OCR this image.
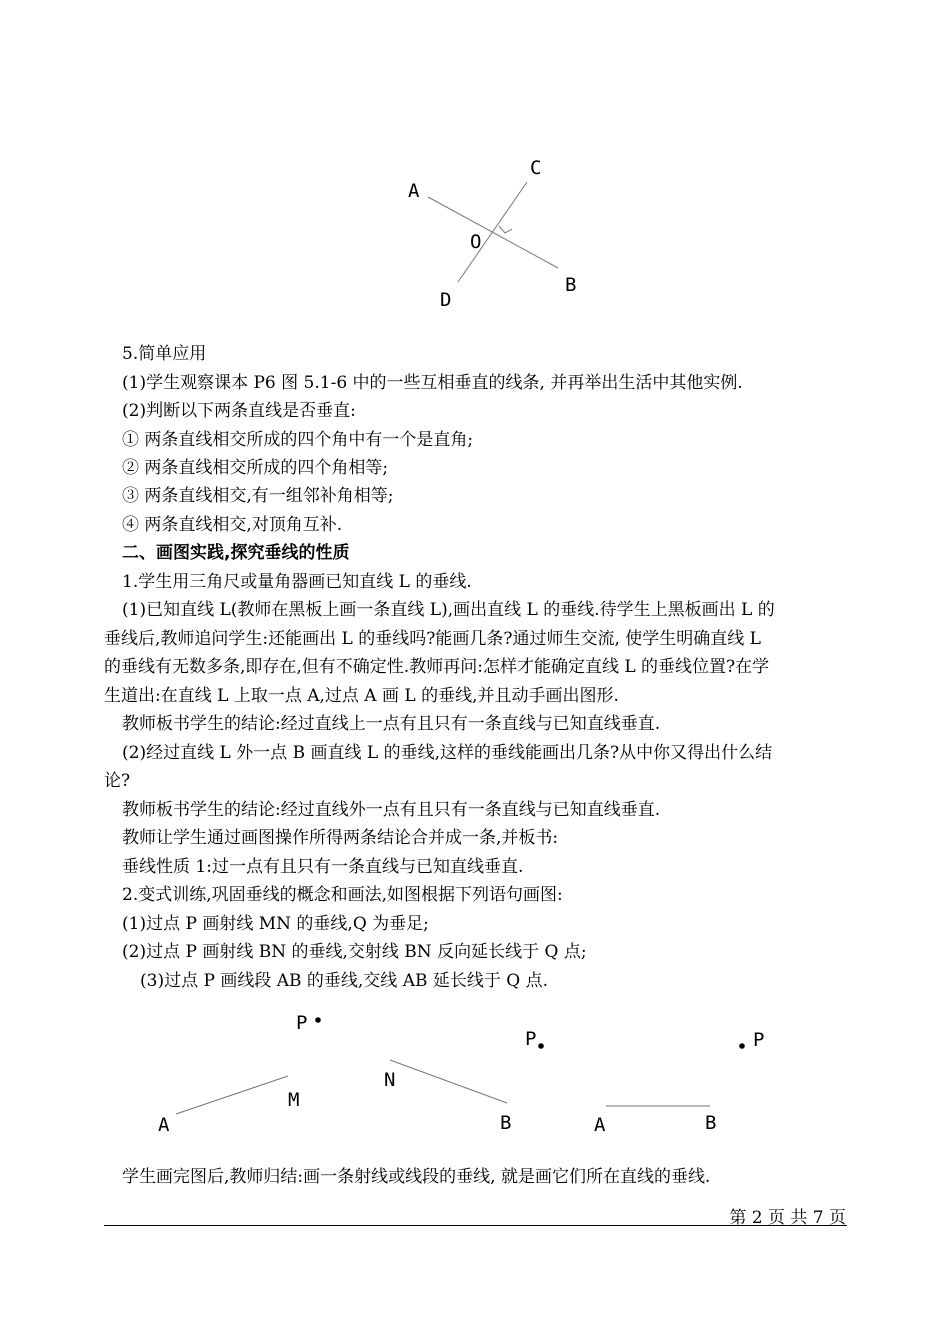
A
C
O
B
D
5.简单应用
(1)学生观察课本 P6 图 5.1-6 中的一些互相垂直的线条, 并再举出生活中其他实例.
(2)判断以下两条直线是否垂直:
① 两条直线相交所成的四个角中有一个是直角;
② 两条直线相交所成的四个角相等;
③ 两条直线相交,有一组邻补角相等;
④ 两条直线相交,对顶角互补.
二、画图实践,探究垂线的性质
1.学生用三角尺或量角器画已知直线 L 的垂线.
(1)已知直线 L(教师在黑板上画一条直线 L),画出直线 L 的垂线.待学生上黑板画出 L 的
垂线后,教师追问学生:还能画出 L 的垂线吗?能画几条?通过师生交流, 使学生明确直线 L
的垂线有无数多条,即存在,但有不确定性.教师再问:怎样才能确定直线 L 的垂线位置?在学
生道出:在直线 L 上取一点 A,过点 A 画 L 的垂线,并且动手画出图形.
教师板书学生的结论:经过直线上一点有且只有一条直线与已知直线垂直.
(2)经过直线 L 外一点 B 画直线 L 的垂线,这样的垂线能画出几条?从中你又得出什么结
论?
教师板书学生的结论:经过直线外一点有且只有一条直线与已知直线垂直.
教师让学生通过画图操作所得两条结论合并成一条,并板书:
垂线性质 1:过一点有且只有一条直线与已知直线垂直.
2.变式训练,巩固垂线的概念和画法,如图根据下列语句画图:
(1)过点 P 画射线 MN 的垂线,Q 为垂足;
(2)过点 P 画射线 BN 的垂线,交射线 BN 反向延长线于 Q 点;
(3)过点 P 画线段 AB 的垂线,交线 AB 延长线于 Q 点.
P
M
A
P
N
B
P
A	B
学生画完图后,教师归结:画一条射线或线段的垂线, 就是画它们所在直线的垂线.
第 2 页 共 7 页
